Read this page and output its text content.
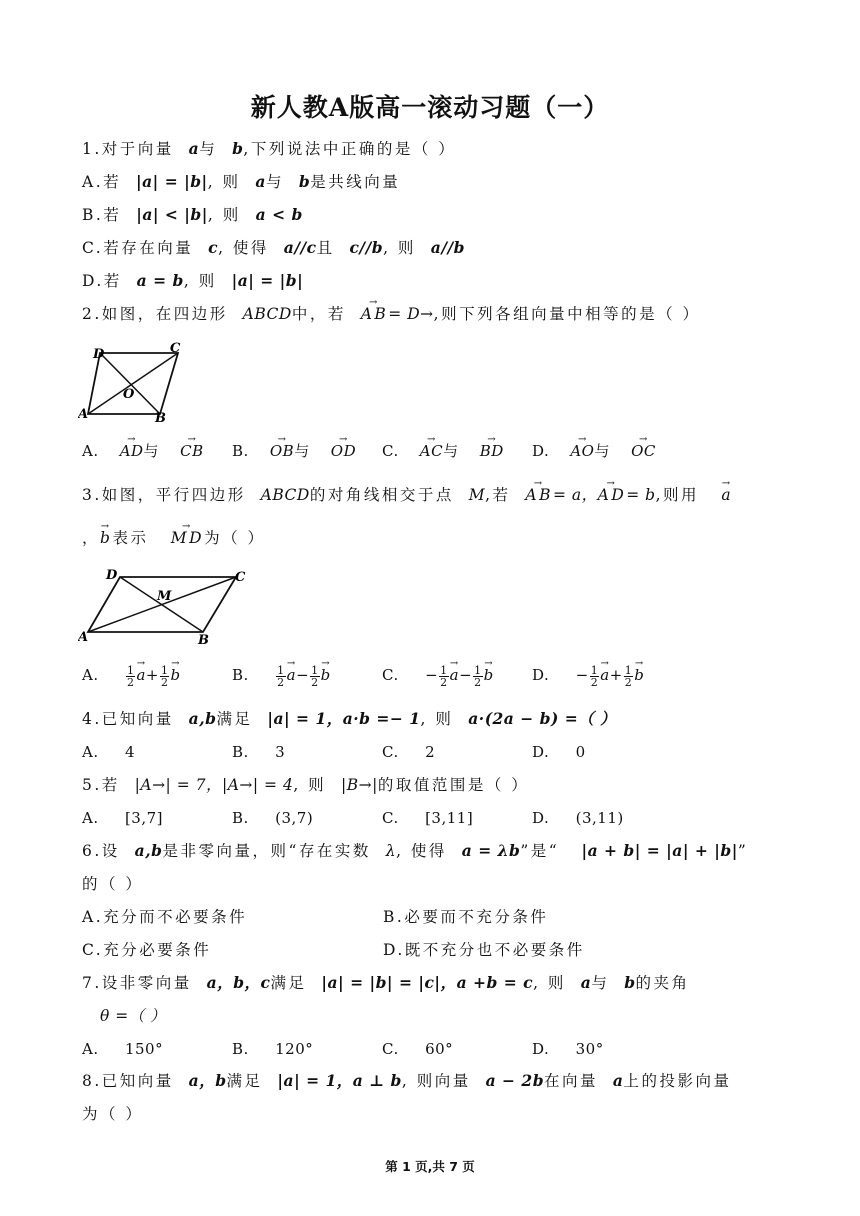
新人教A版高一滚动习题（一）
1.对于向量 a与 b,下列说法中正确的是（ ）
A.若 |a| = |b|, 则 a与 b是共线向量
B.若 |a| < |b|, 则 a < b
C.若存在向量 c, 使得 a//c且 c//b, 则 a//b
D.若 a = b, 则 |a| = |b|
2.如图，在四边形 ABCD中，若  → AB= D→,则下列各组向量中相等的是（ ）
A	B
C
D
O
A.    → AD与    → CB B.    → OB与    → OD C.    → AC与    → BD D.    → AO与    → OC
3.如图，平行四边形 ABCD的对角线相交于点 M,若  → AB= a，→ AD= b,则用   → a
，→ b表示   → MD为（ ）
A	B
C
D
M
A. $\frac{1}{2}$
→ $a+ \frac{1}{2}$
→ b	B. $\frac{1}{2}$
→ $a- \frac{1}{2}$
→ b	C. − $\frac{1}{2}$
→ $a- \frac{1}{2}$
→ b	D. − $\frac{1}{2}$
→ $a+ \frac{1}{2}$
→ b
4.已知向量 a,b满足 |a| = 1，a·b =− 1, 则 a·(2a − b) =（ ）
A. 4	B. 3	C. 2	D. 0
5.若 |A→| = 7，|A→| = 4, 则 |B→|的取值范围是（ ）
A. [3,7]	B. (3,7)	C. [3,11]	D. (3,11)
6.设 a,b是非零向量，则“存在实数 λ, 使得 a = λb”是“ |a + b| = |a| + |b|”
的（ ）
A.充分而不必要条件	B.必要而不充分条件
C.充分必要条件	D.既不充分也不必要条件
7.设非零向量 a，b，c满足 |a| = |b| = |c|，a +b = c, 则 a与 b的夹角
θ =（ ）
A. 150°	B. 120°	C. 60°	D. 30°
8.已知向量 a，b满足 |a| = 1，a ⊥ b, 则向量 a − 2b在向量 a上的投影向量
为（ ）
第 1 页,共 7 页
